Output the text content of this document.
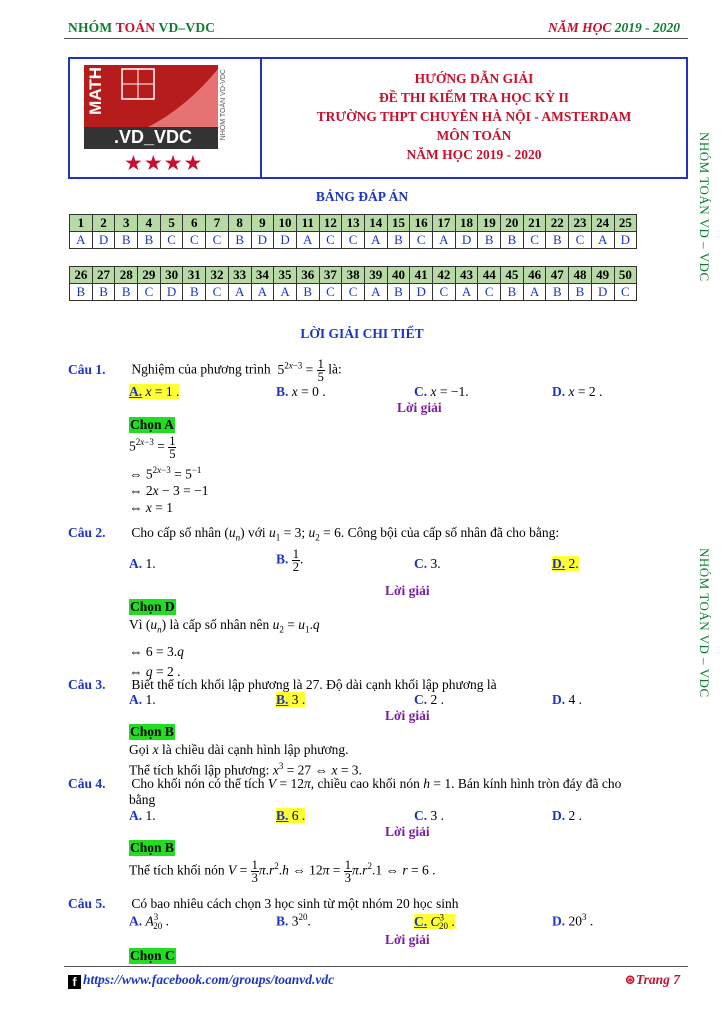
NHÓM TOÁN VD–VDC	NĂM HỌC 2019 - 2020
NHÓM TOÁN VD – VDC
NHÓM TOÁN VD – VDC
MATH
.VD_VDC	NHÓM TOÁN VD-VDC
★★★★
HƯỚNG DẪN GIẢI
ĐỀ THI KIỂM TRA HỌC KỲ II
TRƯỜNG THPT CHUYÊN HÀ NỘI - AMSTERDAM
MÔN TOÁN
NĂM HỌC 2019 - 2020
BẢNG ĐÁP ÁN
1	2	3	4	5	6	7	8	9	10	11	12	13	14	15	16	17	18	19	20	21	22	23	24	25
A	D	B	B	C	C	C	B	D	D	A	C	C	A	B	C	A	D	B	B	C	B	C	A	D
26	27	28	29	30	31	32	33	34	35	36	37	38	39	40	41	42	43	44	45	46	47	48	49	50
B	B	B	C	D	B	C	A	A	A	B	C	C	A	B	D	C	A	C	B	A	B	B	D	C
LỜI GIẢI CHI TIẾT
Câu 1. Nghiệm của phương trình  $5^{2x-3} = \frac{1}{5}$ là:
A. x = 1 .	B. x = 0 .	C. x = −1.	D. x = 2 .
Lời giải
Chọn A
$5^{2x-3} = \frac{1}{5}$
⇔ $5^{2x-3} = 5^{-1}$
⇔ 2x − 3 = −1
⇔ x = 1
Câu 2. Cho cấp số nhân $(u_n)$ với $u_1 = 3$; $u_2 = 6$. Công bội của cấp số nhân đã cho bằng:
A. 1.	B. $\frac{1}{2}$ .	C. 3.	D. 2.
Lời giải
Chọn D
Vì $(u_n)$ là cấp số nhân nên $u_2 = u_1.q$
⇔ 6 = 3.q
⇔ q = 2 .
Câu 3. Biết thể tích khối lập phương là 27. Độ dài cạnh khối lập phương là
A. 1.	B. 3 .	C. 2 .	D. 4 .
Lời giải
Chọn B
Gọi x là chiều dài cạnh hình lập phương.
Thể tích khối lập phương: $x^3 = 27$ ⇔ x = 3.
Câu 4. Cho khối nón có thể tích V = 12π, chiều cao khối nón h = 1. Bán kính hình tròn đáy đã cho
bằng
A. 1.	B. 6 .	C. 3 .	D. 2 .
Lời giải
Chọn B
Thể tích khối nón $V = \frac{1}{3} \pi.r^2.h$ ⇔ $12\pi = \frac{1}{3} \pi.r^2.1$ ⇔ r = 6 .
Câu 5. Có bao nhiêu cách chọn 3 học sinh từ một nhóm 20 học sinh
A. $A^3_{20}$ .	B. $3^{20}$.	C. $C^3_{20}$ .	D. $20^3$ .
Lời giải
Chọn C
f https://www.facebook.com/groups/toanvd.vdc	⊛Trang 7
